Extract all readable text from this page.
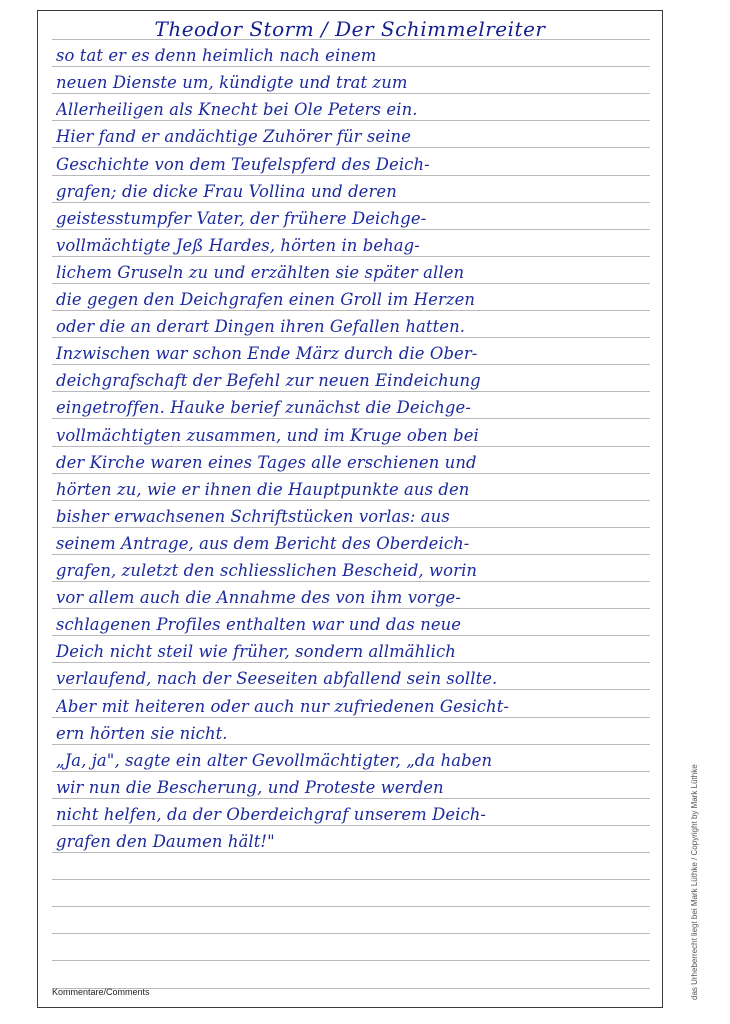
Theodor Storm / Der Schimmelreiter
so tat er es denn heimlich nach einem
neuen Dienste um, kündigte und trat zum
Allerheiligen als Knecht bei Ole Peters ein.
Hier fand er andächtige Zuhörer für seine
Geschichte von dem Teufelspferd des Deich-
grafen; die dicke Frau Vollina und deren
geistesstumpfer Vater, der frühere Deichge-
vollmächtigte Jeß Hardes, hörten in behag-
lichem Gruseln zu und erzählten sie später allen
die gegen den Deichgrafen einen Groll im Herzen
oder die an derart Dingen ihren Gefallen hatten.
Inzwischen war schon Ende März durch die Ober-
deichgrafschaft der Befehl zur neuen Eindeichung
eingetroffen. Hauke berief zunächst die Deichge-
vollmächtigten zusammen, und im Kruge oben bei
der Kirche waren eines Tages alle erschienen und
hörten zu, wie er ihnen die Hauptpunkte aus den
bisher erwachsenen Schriftstücken vorlas: aus
seinem Antrage, aus dem Bericht des Oberdeich-
grafen, zuletzt den schliesslichen Bescheid, worin
vor allem auch die Annahme des von ihm vorge-
schlagenen Profiles enthalten war und das neue
Deich nicht steil wie früher, sondern allmählich
verlaufend, nach der Seeseiten abfallend sein sollte.
Aber mit heiteren oder auch nur zufriedenen Gesicht-
ern hörten sie nicht.
„Ja, ja", sagte ein alter Gevollmächtigter, „da haben
wir nun die Bescherung, und Proteste werden
nicht helfen, da der Oberdeichgraf unserem Deich-
grafen den Daumen hält!"
Kommentare/Comments	das Urheberrecht liegt bei Mark Lüthke / Copyright by Mark Lüthke
